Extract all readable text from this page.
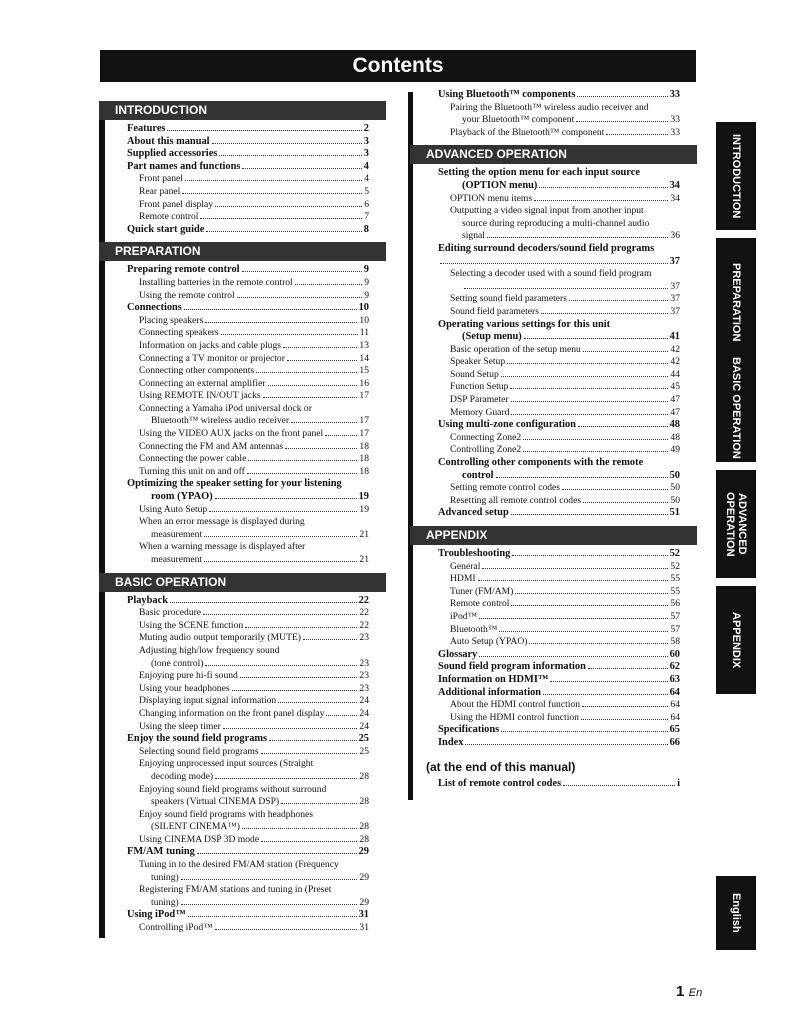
Contents
INTRODUCTION
Features	2
About this manual	3
Supplied accessories	3
Part names and functions	4
Front panel	4
Rear panel	5
Front panel display	6
Remote control	7
Quick start guide	8
PREPARATION
Preparing remote control	9
Installing batteries in the remote control	9
Using the remote control	9
Connections	10
Placing speakers	10
Connecting speakers	11
Information on jacks and cable plugs	13
Connecting a TV monitor or projector	14
Connecting other components	15
Connecting an external amplifier	16
Using REMOTE IN/OUT jacks	17
Connecting a Yamaha iPod universal dock or
Bluetooth™ wireless audio receiver	17
Using the VIDEO AUX jacks on the front panel	17
Connecting the FM and AM antennas	18
Connecting the power cable	18
Turning this unit on and off	18
Optimizing the speaker setting for your listening
room (YPAO)	19
Using Auto Setup	19
When an error message is displayed during
measurement	21
When a warning message is displayed after
measurement	21
BASIC OPERATION
Playback	22
Basic procedure	22
Using the SCENE function	22
Muting audio output temporarily (MUTE)	23
Adjusting high/low frequency sound
(tone control)	23
Enjoying pure hi-fi sound	23
Using your headphones	23
Displaying input signal information	24
Changing information on the front panel display	24
Using the sleep timer	24
Enjoy the sound field programs	25
Selecting sound field programs	25
Enjoying unprocessed input sources (Straight
decoding mode)	28
Enjoying sound field programs without surround
speakers (Virtual CINEMA DSP)	28
Enjoy sound field programs with headphones
(SILENT CINEMA™)	28
Using CINEMA DSP 3D mode	28
FM/AM tuning	29
Tuning in to the desired FM/AM station (Frequency
tuning)	29
Registering FM/AM stations and tuning in (Preset
tuning)	29
Using iPod™	31
Controlling iPod™	31
Using Bluetooth™ components	33
Pairing the Bluetooth™ wireless audio receiver and
your Bluetooth™ component	33
Playback of the Bluetooth™ component	33
ADVANCED OPERATION
Setting the option menu for each input source
(OPTION menu)	34
OPTION menu items	34
Outputting a video signal input from another input
source during reproducing a multi-channel audio
signal	36
Editing surround decoders/sound field programs
37
Selecting a decoder used with a sound field program
37
Setting sound field parameters	37
Sound field parameters	37
Operating various settings for this unit
(Setup menu)	41
Basic operation of the setup menu	42
Speaker Setup	42
Sound Setup	44
Function Setup	45
DSP Parameter	47
Memory Guard	47
Using multi-zone configuration	48
Connecting Zone2	48
Controlling Zone2	49
Controlling other components with the remote
control	50
Setting remote control codes	50
Resetting all remote control codes	50
Advanced setup	51
APPENDIX
Troubleshooting	52
General	52
HDMI	55
Tuner (FM/AM)	55
Remote control	56
iPod™	57
Bluetooth™	57
Auto Setup (YPAO)	58
Glossary	60
Sound field program information	62
Information on HDMI™	63
Additional information	64
About the HDMI control function	64
Using the HDMI control function	64
Specifications	65
Index	66
(at the end of this manual)
List of remote control codes	i
INTRODUCTION
PREPARATION
BASIC OPERATION
ADVANCED OPERATION
APPENDIX
English
1 En
